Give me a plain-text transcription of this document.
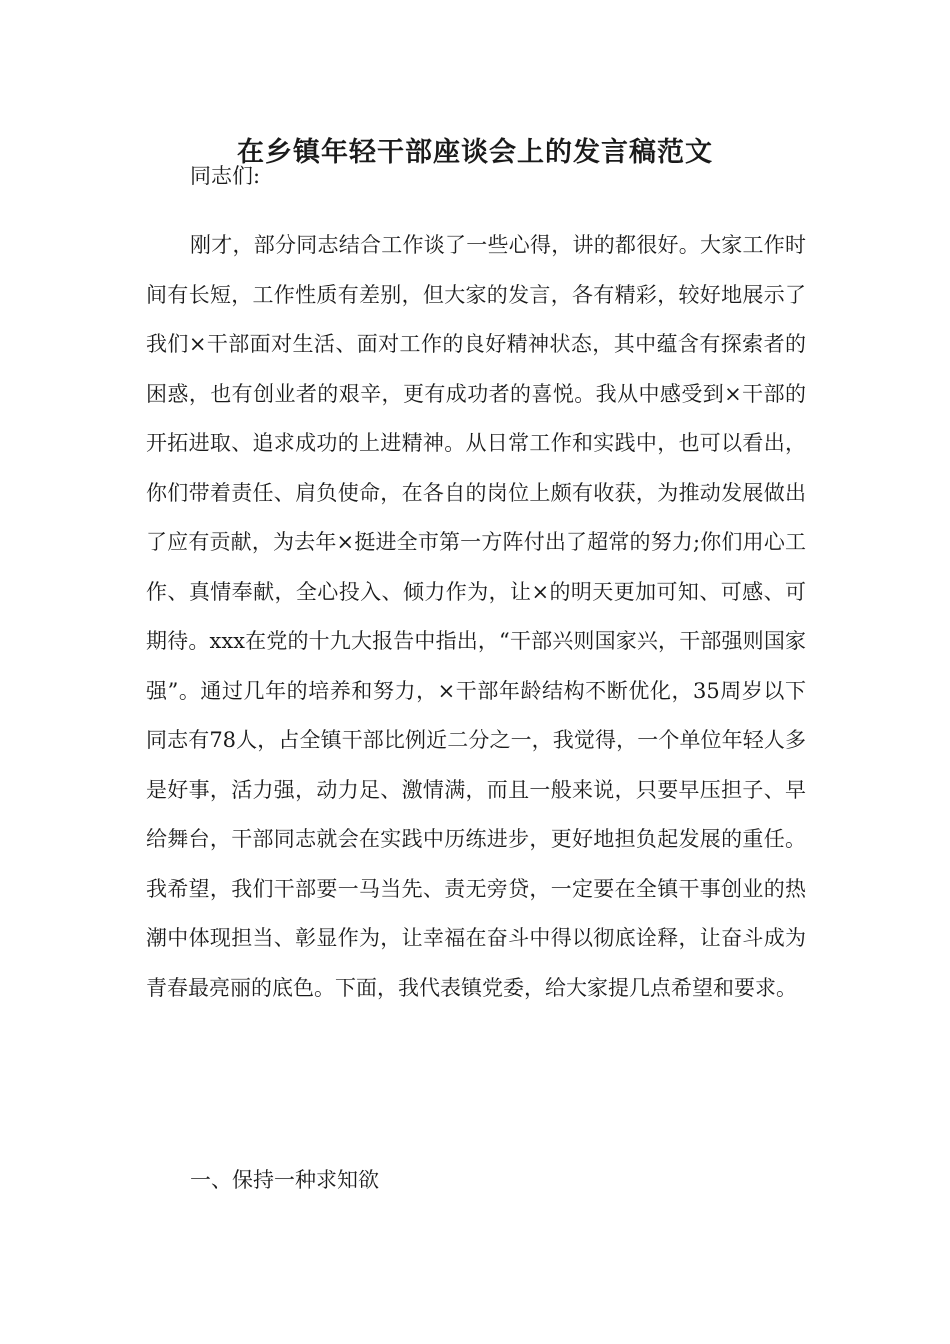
在乡镇年轻干部座谈会上的发言稿范文

同志们:

刚才，部分同志结合工作谈了一些心得，讲的都很好。大家工作时间有长短，工作性质有差别，但大家的发言，各有精彩，较好地展示了我们×干部面对生活、面对工作的良好精神状态，其中蕴含有探索者的困惑，也有创业者的艰辛，更有成功者的喜悦。我从中感受到×干部的开拓进取、追求成功的上进精神。从日常工作和实践中，也可以看出，你们带着责任、肩负使命，在各自的岗位上颇有收获，为推动发展做出了应有贡献，为去年×挺进全市第一方阵付出了超常的努力;你们用心工作、真情奉献，全心投入、倾力作为，让×的明天更加可知、可感、可期待。xxx在党的十九大报告中指出，“干部兴则国家兴，干部强则国家强”。通过几年的培养和努力，×干部年龄结构不断优化，35周岁以下同志有78人，占全镇干部比例近二分之一，我觉得，一个单位年轻人多是好事，活力强，动力足、激情满，而且一般来说，只要早压担子、早给舞台，干部同志就会在实践中历练进步，更好地担负起发展的重任。我希望，我们干部要一马当先、责无旁贷，一定要在全镇干事创业的热潮中体现担当、彰显作为，让幸福在奋斗中得以彻底诠释，让奋斗成为青春最亮丽的底色。下面，我代表镇党委，给大家提几点希望和要求。

一、保持一种求知欲
